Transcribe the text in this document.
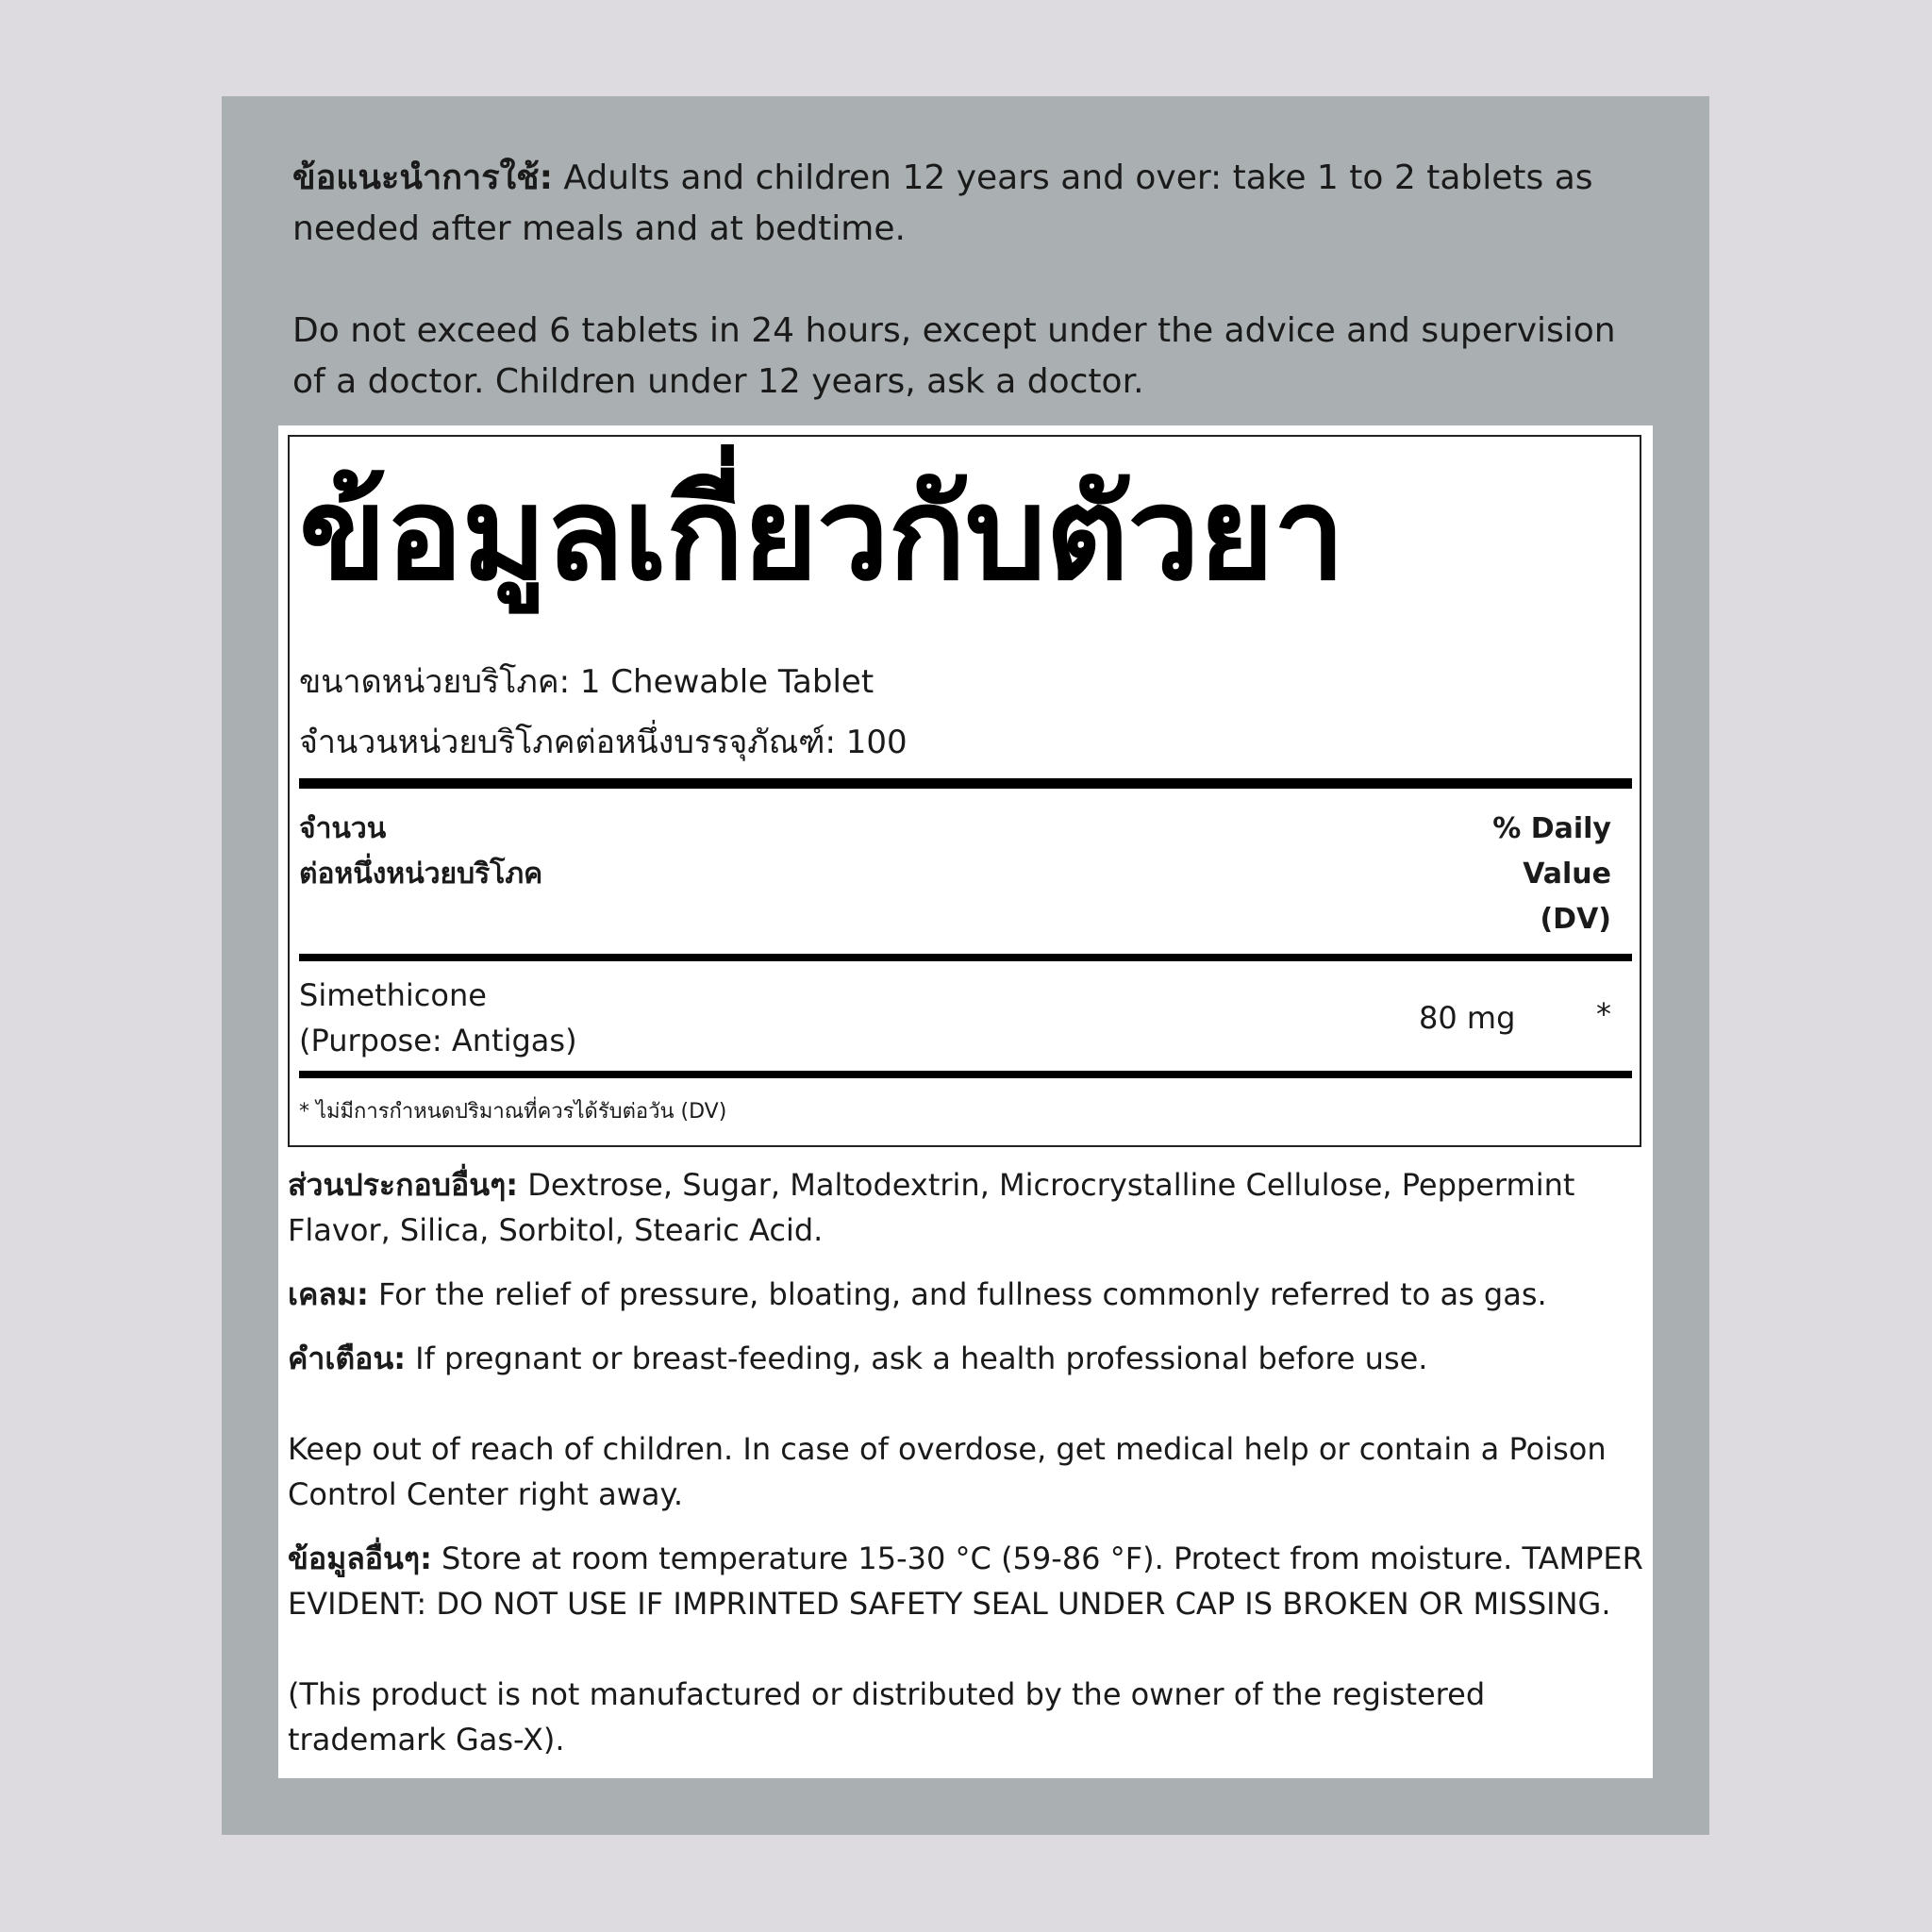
ข้อแนะนำการใช้: Adults and children 12 years and over: take 1 to 2 tablets as needed after meals and at bedtime.

Do not exceed 6 tablets in 24 hours, except under the advice and supervision of a doctor. Children under 12 years, ask a doctor.

ข้อมูลเกี่ยวกับตัวยา
ขนาดหน่วยบริโภค: 1 Chewable Tablet
จำนวนหน่วยบริโภคต่อหนึ่งบรรจุภัณฑ์: 100
จำนวน
ต่อหนึ่งหน่วยบริโภค
% Daily
Value
(DV)
Simethicone
(Purpose: Antigas)
80 mg	*
* ไม่มีการกำหนดปริมาณที่ควรได้รับต่อวัน (DV)

ส่วนประกอบอื่นๆ: Dextrose, Sugar, Maltodextrin, Microcrystalline Cellulose, Peppermint Flavor, Silica, Sorbitol, Stearic Acid.

เคลม: For the relief of pressure, bloating, and fullness commonly referred to as gas.

คำเตือน: If pregnant or breast-feeding, ask a health professional before use.

Keep out of reach of children. In case of overdose, get medical help or contain a Poison Control Center right away.

ข้อมูลอื่นๆ: Store at room temperature 15-30 °C (59-86 °F). Protect from moisture. TAMPER EVIDENT: DO NOT USE IF IMPRINTED SAFETY SEAL UNDER CAP IS BROKEN OR MISSING.

(This product is not manufactured or distributed by the owner of the registered trademark Gas-X).
